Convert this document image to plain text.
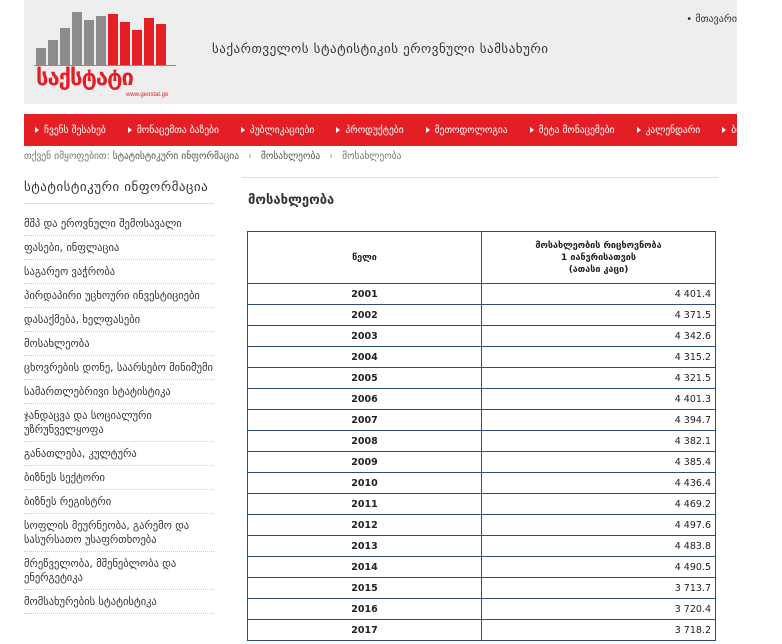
საქსტატი
www.geostat.ge
საქართველოს სტატისტიკის ეროვნული სამსახური
• მთავარი
ჩვენს შესახებ	მონაცემთა ბაზები	პუბლიკაციები	პროდუქტები	მეთოდოლოგია	მეტა მონაცემები	კალენდარი	ბმულები
თქვენ იმყოფებით: სტატისტიკური ინფორმაცია › მოსახლეობა › მოსახლეობა
სტატისტიკური ინფორმაცია
მშპ და ეროვნული შემოსავალი
ფასები, ინფლაცია
საგარეო ვაჭრობა
პირდაპირი უცხოური ინვესტიციები
დასაქმება, ხელფასები
მოსახლეობა
ცხოვრების დონე, საარსებო მინიმუმი
სამართლებრივი სტატისტიკა
ჯანდაცვა და სოციალური უზრუნველყოფა
განათლება, კულტურა
ბიზნეს სექტორი
ბიზნეს რეგისტრი
სოფლის მეურნეობა, გარემო და სასურსათო უსაფრთხოება
მრეწველობა, მშენებლობა და ენერგეტიკა
მომსახურების სტატისტიკა
მოსახლეობა
წელი	მოსახლეობის რიცხოვნობა
1 იანვრისათვის
(ათასი კაცი)
2001	4 401.4
2002	4 371.5
2003	4 342.6
2004	4 315.2
2005	4 321.5
2006	4 401.3
2007	4 394.7
2008	4 382.1
2009	4 385.4
2010	4 436.4
2011	4 469.2
2012	4 497.6
2013	4 483.8
2014	4 490.5
2015	3 713.7
2016	3 720.4
2017	3 718.2
